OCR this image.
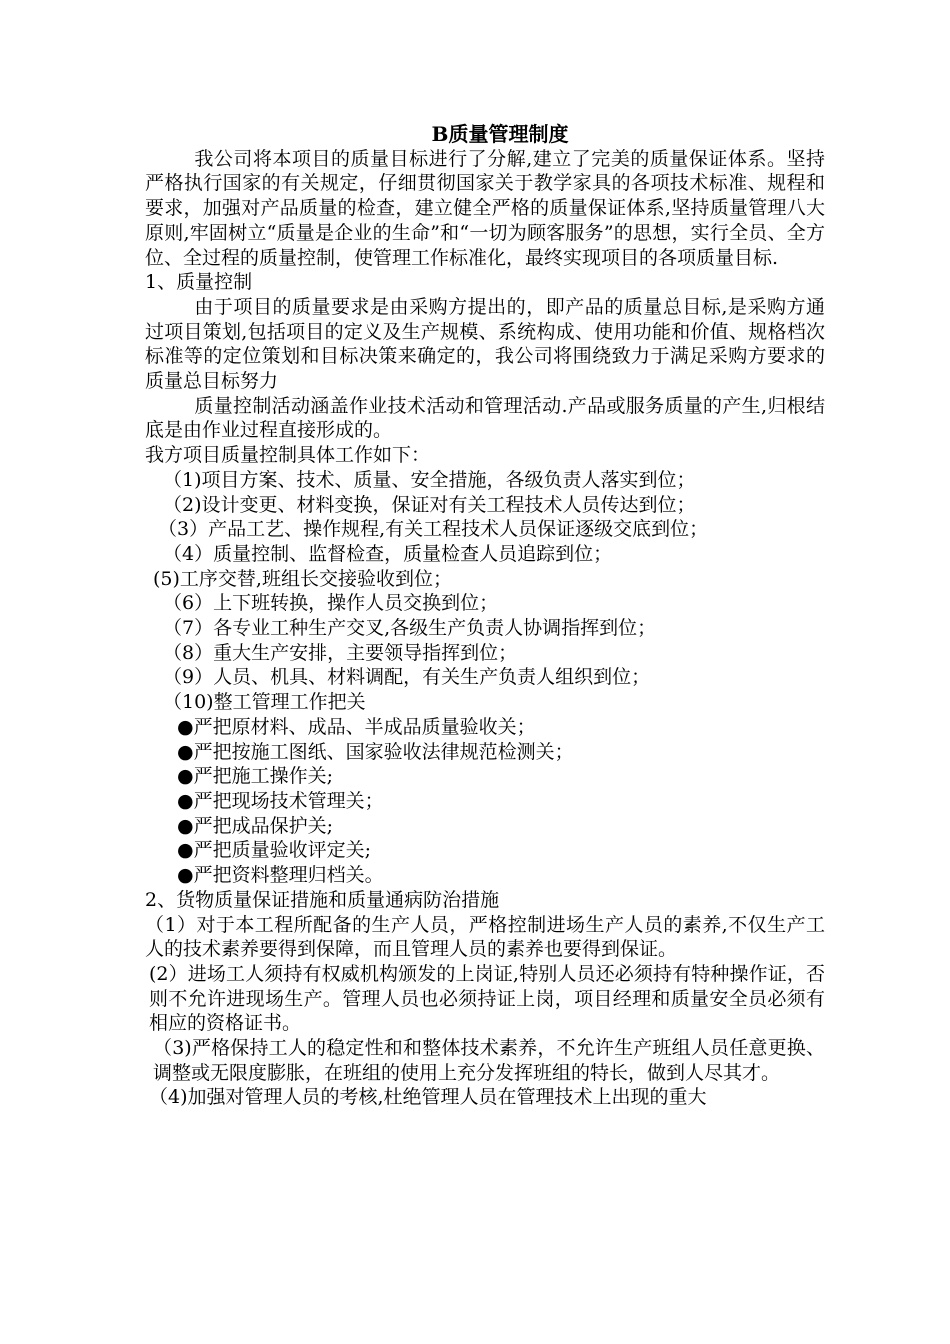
B质量管理制度

我公司将本项目的质量目标进行了分解,建立了完美的质量保证体系。坚持严格执行国家的有关规定，仔细贯彻国家关于教学家具的各项技术标准、规程和要求，加强对产品质量的检查，建立健全严格的质量保证体系,坚持质量管理八大原则,牢固树立“质量是企业的生命”和“一切为顾客服务”的思想，实行全员、全方位、全过程的质量控制，使管理工作标准化，最终实现项目的各项质量目标.

1、质量控制

由于项目的质量要求是由采购方提出的，即产品的质量总目标,是采购方通过项目策划,包括项目的定义及生产规模、系统构成、使用功能和价值、规格档次标准等的定位策划和目标决策来确定的，我公司将围绕致力于满足采购方要求的质量总目标努力

质量控制活动涵盖作业技术活动和管理活动.产品或服务质量的产生,归根结底是由作业过程直接形成的。

我方项目质量控制具体工作如下：

（1)项目方案、技术、质量、安全措施，各级负责人落实到位；

（2)设计变更、材料变换，保证对有关工程技术人员传达到位；

（3）产品工艺、操作规程,有关工程技术人员保证逐级交底到位；

（4）质量控制、监督检查，质量检查人员追踪到位；

(5)工序交替,班组长交接验收到位；

（6）上下班转换，操作人员交换到位；

（7）各专业工种生产交叉,各级生产负责人协调指挥到位；

（8）重大生产安排，主要领导指挥到位；

（9）人员、机具、材料调配，有关生产负责人组织到位；

（10)整工管理工作把关

●严把原材料、成品、半成品质量验收关；

●严把按施工图纸、国家验收法律规范检测关；

●严把施工操作关;

●严把现场技术管理关；

●严把成品保护关;

●严把质量验收评定关;

●严把资料整理归档关。

2、货物质量保证措施和质量通病防治措施

（1）对于本工程所配备的生产人员，严格控制进场生产人员的素养,不仅生产工人的技术素养要得到保障，而且管理人员的素养也要得到保证。

(2）进场工人须持有权威机构颁发的上岗证,特别人员还必须持有特种操作证，否则不允许进现场生产。管理人员也必须持证上岗，项目经理和质量安全员必须有相应的资格证书。

（3)严格保持工人的稳定性和和整体技术素养，不允许生产班组人员任意更换、调整或无限度膨胀，在班组的使用上充分发挥班组的特长，做到人尽其才。

（4)加强对管理人员的考核,杜绝管理人员在管理技术上出现的重大
